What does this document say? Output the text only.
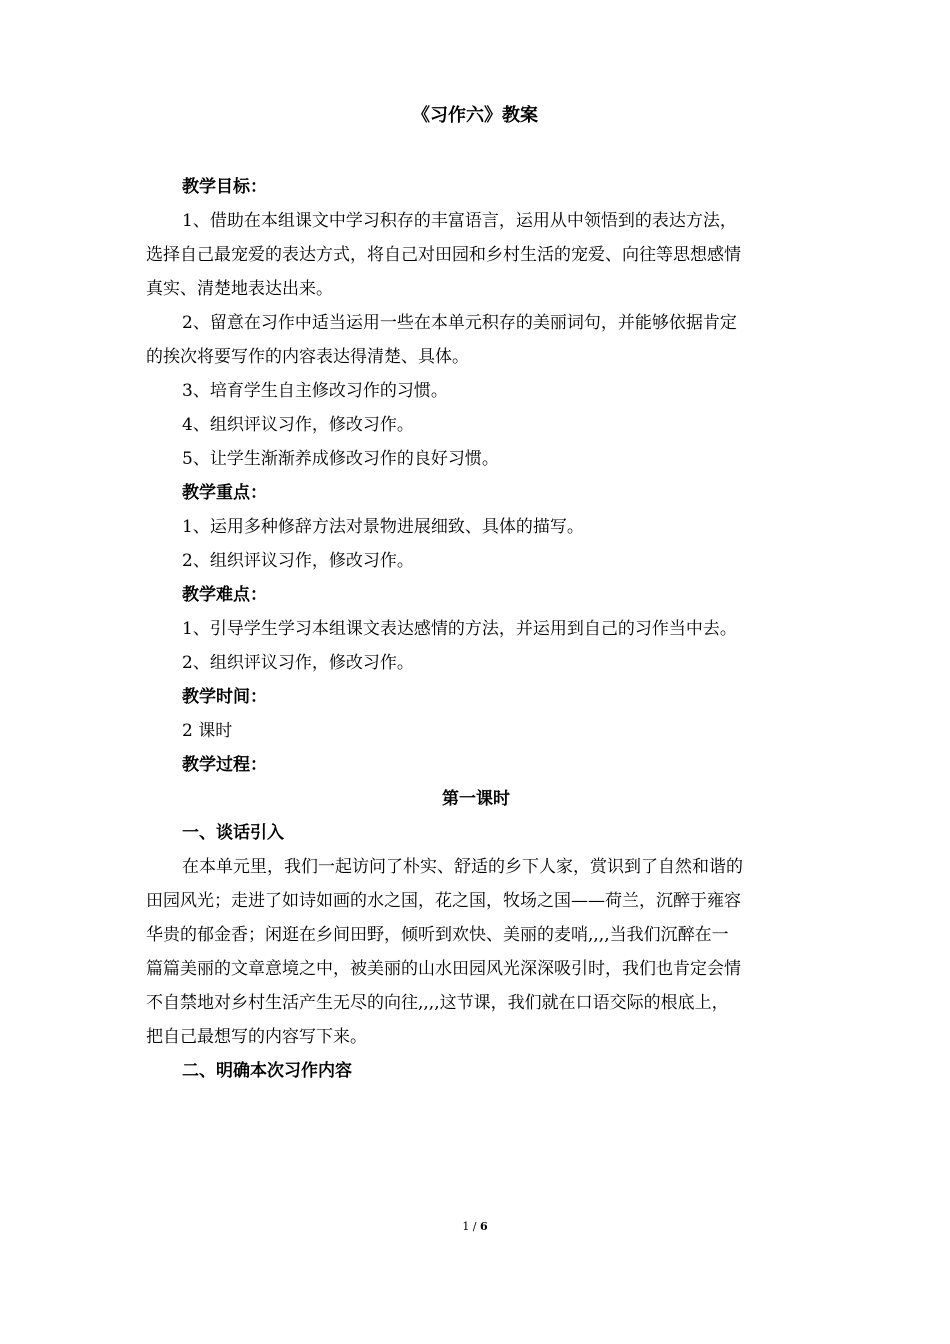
《习作六》教案
教学目标：
1、借助在本组课文中学习积存的丰富语言，运用从中领悟到的表达方法，
选择自己最宠爱的表达方式，将自己对田园和乡村生活的宠爱、向往等思想感情
真实、清楚地表达出来。
2、留意在习作中适当运用一些在本单元积存的美丽词句，并能够依据肯定
的挨次将要写作的内容表达得清楚、具体。
3、培育学生自主修改习作的习惯。
4、组织评议习作，修改习作。
5、让学生渐渐养成修改习作的良好习惯。
教学重点：
1、运用多种修辞方法对景物进展细致、具体的描写。
2、组织评议习作，修改习作。
教学难点：
1、引导学生学习本组课文表达感情的方法，并运用到自己的习作当中去。
2、组织评议习作，修改习作。
教学时间：
2 课时
教学过程：
第一课时
一、谈话引入
在本单元里，我们一起访问了朴实、舒适的乡下人家，赏识到了自然和谐的
田园风光；走进了如诗如画的水之国，花之国，牧场之国——荷兰，沉醉于雍容
华贵的郁金香；闲逛在乡间田野，倾听到欢快、美丽的麦哨,,,,当我们沉醉在一
篇篇美丽的文章意境之中，被美丽的山水田园风光深深吸引时，我们也肯定会情
不自禁地对乡村生活产生无尽的向往,,,,这节课，我们就在口语交际的根底上，
把自己最想写的内容写下来。
二、明确本次习作内容
1 / 6
